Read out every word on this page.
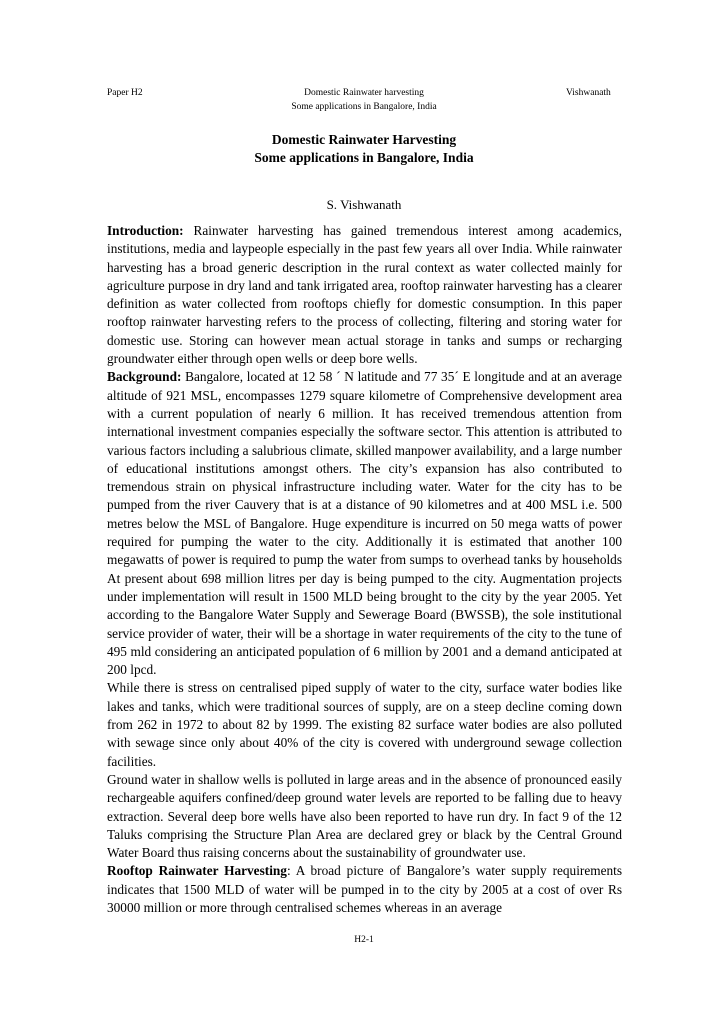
Paper H2	Domestic Rainwater harvesting
Some applications in Bangalore, India
Vishwanath
Domestic Rainwater Harvesting
Some applications in Bangalore, India
S. Vishwanath

Introduction: Rainwater harvesting has gained tremendous interest among academics, institutions, media and laypeople especially in the past few years all over India. While rainwater harvesting has a broad generic description in the rural context as water collected mainly for agriculture purpose in dry land and tank irrigated area, rooftop rainwater harvesting has a clearer definition as water collected from rooftops chiefly for domestic consumption. In this paper rooftop rainwater harvesting refers to the process of collecting, filtering and storing water for domestic use. Storing can however mean actual storage in tanks and sumps or recharging groundwater either through open wells or deep bore wells.

Background: Bangalore, located at 12 58 ´ N latitude and 77 35´ E longitude and at an average altitude of 921 MSL, encompasses 1279 square kilometre of Comprehensive development area with a current population of nearly 6 million. It has received tremendous attention from international investment companies especially the software sector. This attention is attributed to various factors including a salubrious climate, skilled manpower availability, and a large number of educational institutions amongst others. The city’s expansion has also contributed to tremendous strain on physical infrastructure including water. Water for the city has to be pumped from the river Cauvery that is at a distance of 90 kilometres and at 400 MSL i.e. 500 metres below the MSL of Bangalore. Huge expenditure is incurred on 50 mega watts of power required for pumping the water to the city. Additionally it is estimated that another 100 megawatts of power is required to pump the water from sumps to overhead tanks by households At present about 698 million litres per day is being pumped to the city. Augmentation projects under implementation will result in 1500 MLD being brought to the city by the year 2005. Yet according to the Bangalore Water Supply and Sewerage Board (BWSSB), the sole institutional service provider of water, their will be a shortage in water requirements of the city to the tune of 495 mld considering an anticipated population of 6 million by 2001 and a demand anticipated at 200 lpcd.

While there is stress on centralised piped supply of water to the city, surface water bodies like lakes and tanks, which were traditional sources of supply, are on a steep decline coming down from 262 in 1972 to about 82 by 1999. The existing 82 surface water bodies are also polluted with sewage since only about 40% of the city is covered with underground sewage collection facilities.

Ground water in shallow wells is polluted in large areas and in the absence of pronounced easily rechargeable aquifers confined/deep ground water levels are reported to be falling due to heavy extraction. Several deep bore wells have also been reported to have run dry. In fact 9 of the 12 Taluks comprising the Structure Plan Area are declared grey or black by the Central Ground Water Board thus raising concerns about the sustainability of groundwater use.

Rooftop Rainwater Harvesting: A broad picture of Bangalore’s water supply requirements indicates that 1500 MLD of water will be pumped in to the city by 2005 at a cost of over Rs 30000 million or more through centralised schemes whereas in an average

H2-1
